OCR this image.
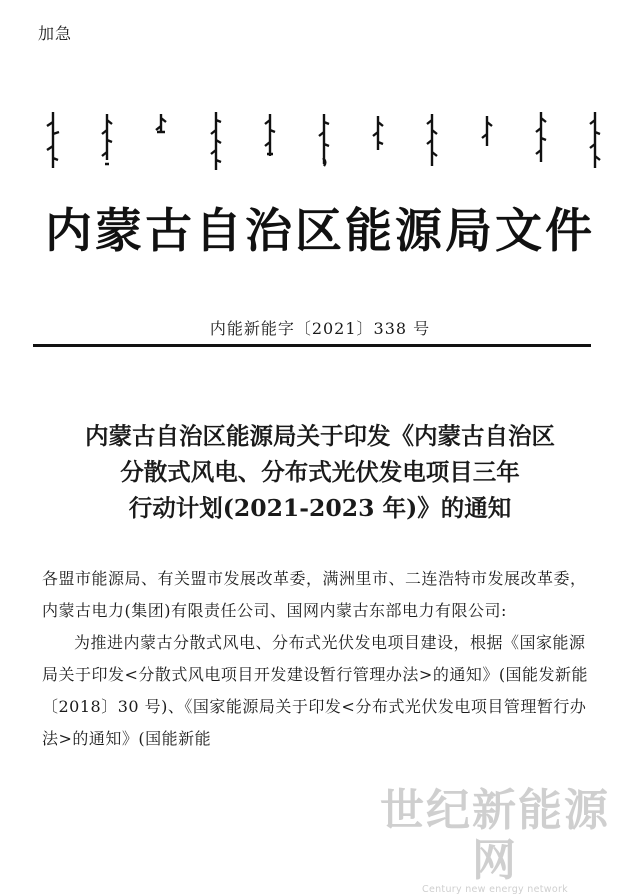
加急
内蒙古自治区能源局文件
内能新能字〔2021〕338 号
内蒙古自治区能源局关于印发《内蒙古自治区
分散式风电、分布式光伏发电项目三年
行动计划(2021-2023 年)》的通知

各盟市能源局、有关盟市发展改革委，满洲里市、二连浩特市发展改革委，内蒙古电力(集团)有限责任公司、国网内蒙古东部电力有限公司:

为推进内蒙古分散式风电、分布式光伏发电项目建设，根据《国家能源局关于印发<分散式风电项目开发建设暂行管理办法>的通知》(国能发新能〔2018〕30 号)、《国家能源局关于印发<分布式光伏发电项目管理暂行办法>的通知》(国能新能

世纪新能源网
Century new energy network
